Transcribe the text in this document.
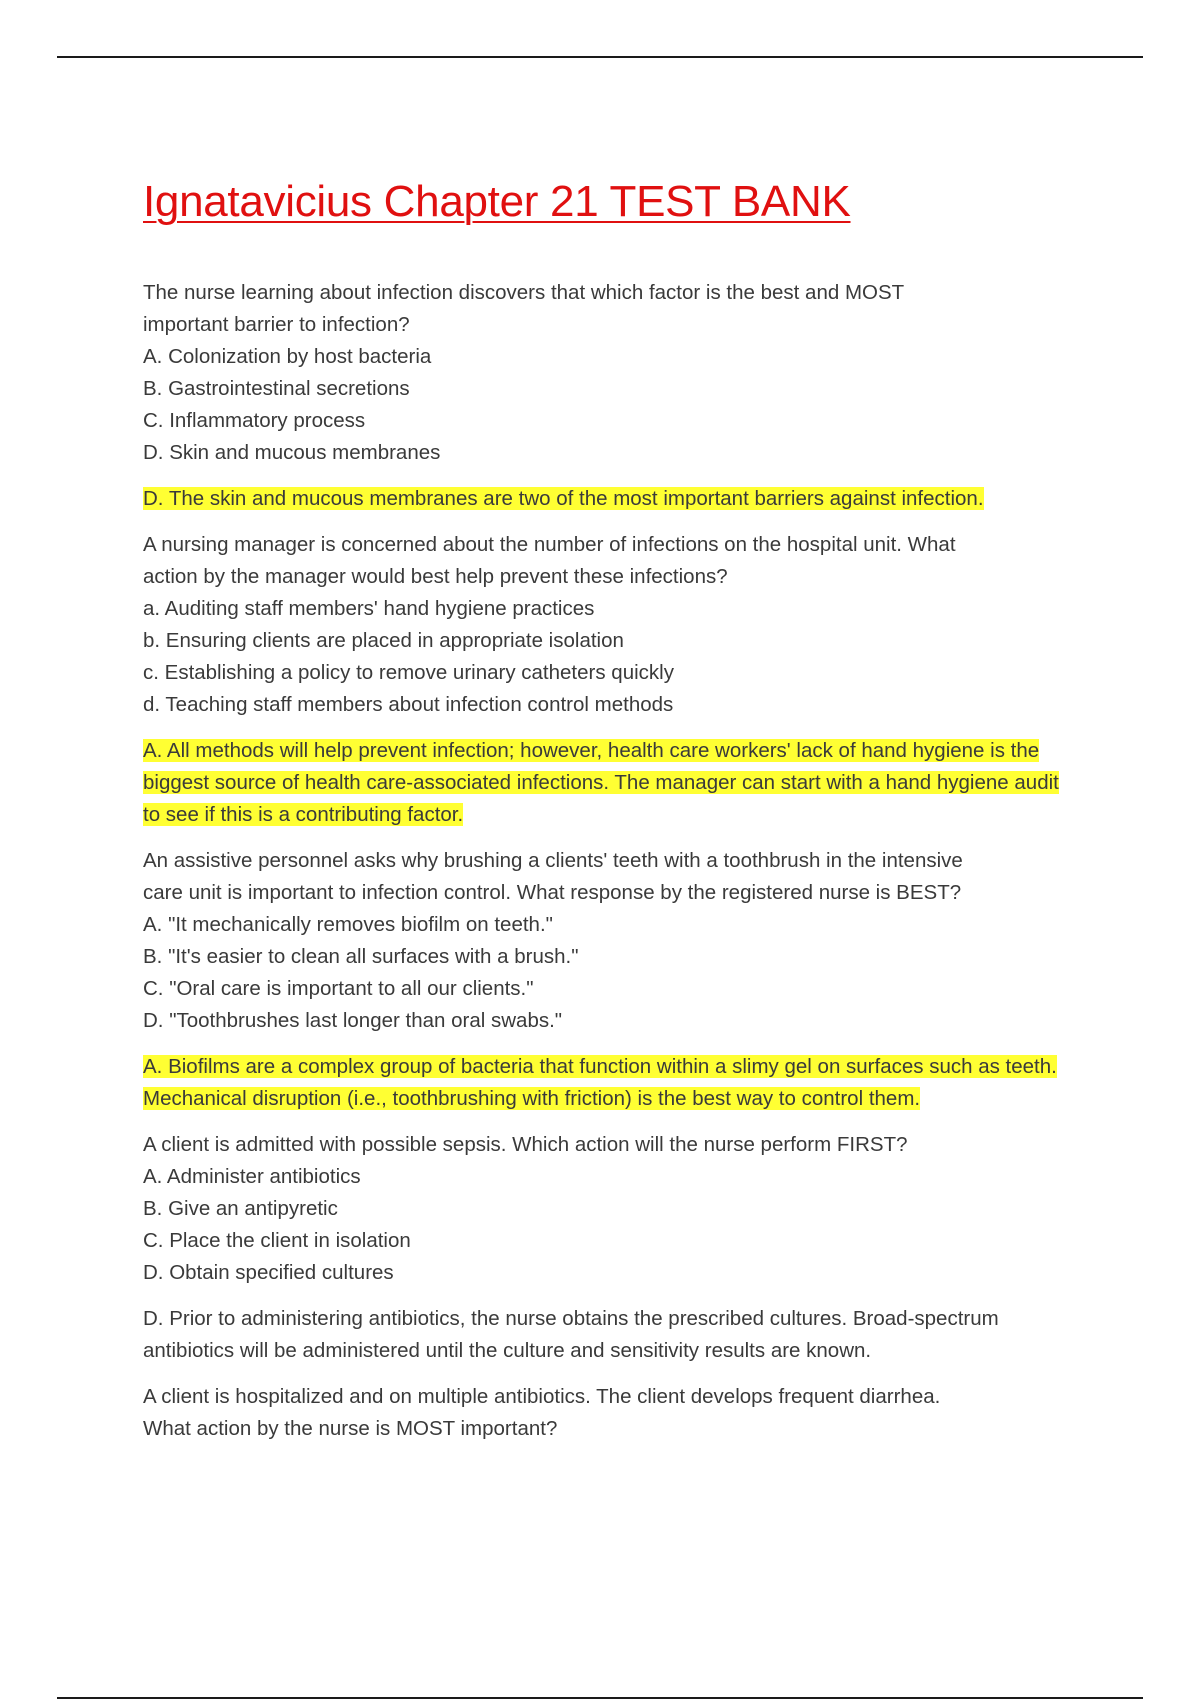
Ignatavicius Chapter 21 TEST BANK

The nurse learning about infection discovers that which factor is the best and MOST

important barrier to infection?

A. Colonization by host bacteria
B. Gastrointestinal secretions
C. Inflammatory process
D. Skin and mucous membranes

D. The skin and mucous membranes are two of the most important barriers against infection.

A nursing manager is concerned about the number of infections on the hospital unit. What

action by the manager would best help prevent these infections?

a. Auditing staff members' hand hygiene practices
b. Ensuring clients are placed in appropriate isolation
c. Establishing a policy to remove urinary catheters quickly
d. Teaching staff members about infection control methods

A. All methods will help prevent infection; however, health care workers' lack of hand hygiene is the biggest source of health care-associated infections. The manager can start with a hand hygiene audit to see if this is a contributing factor.

An assistive personnel asks why brushing a clients' teeth with a toothbrush in the intensive

care unit is important to infection control. What response by the registered nurse is BEST?

A. "It mechanically removes biofilm on teeth."
B. "It's easier to clean all surfaces with a brush."
C. "Oral care is important to all our clients."
D. "Toothbrushes last longer than oral swabs."

A. Biofilms are a complex group of bacteria that function within a slimy gel on surfaces such as teeth. Mechanical disruption (i.e., toothbrushing with friction) is the best way to control them.

A client is admitted with possible sepsis. Which action will the nurse perform FIRST?

A. Administer antibiotics
B. Give an antipyretic
C. Place the client in isolation
D. Obtain specified cultures

D. Prior to administering antibiotics, the nurse obtains the prescribed cultures. Broad-spectrum antibiotics will be administered until the culture and sensitivity results are known.

A client is hospitalized and on multiple antibiotics. The client develops frequent diarrhea.

What action by the nurse is MOST important?
